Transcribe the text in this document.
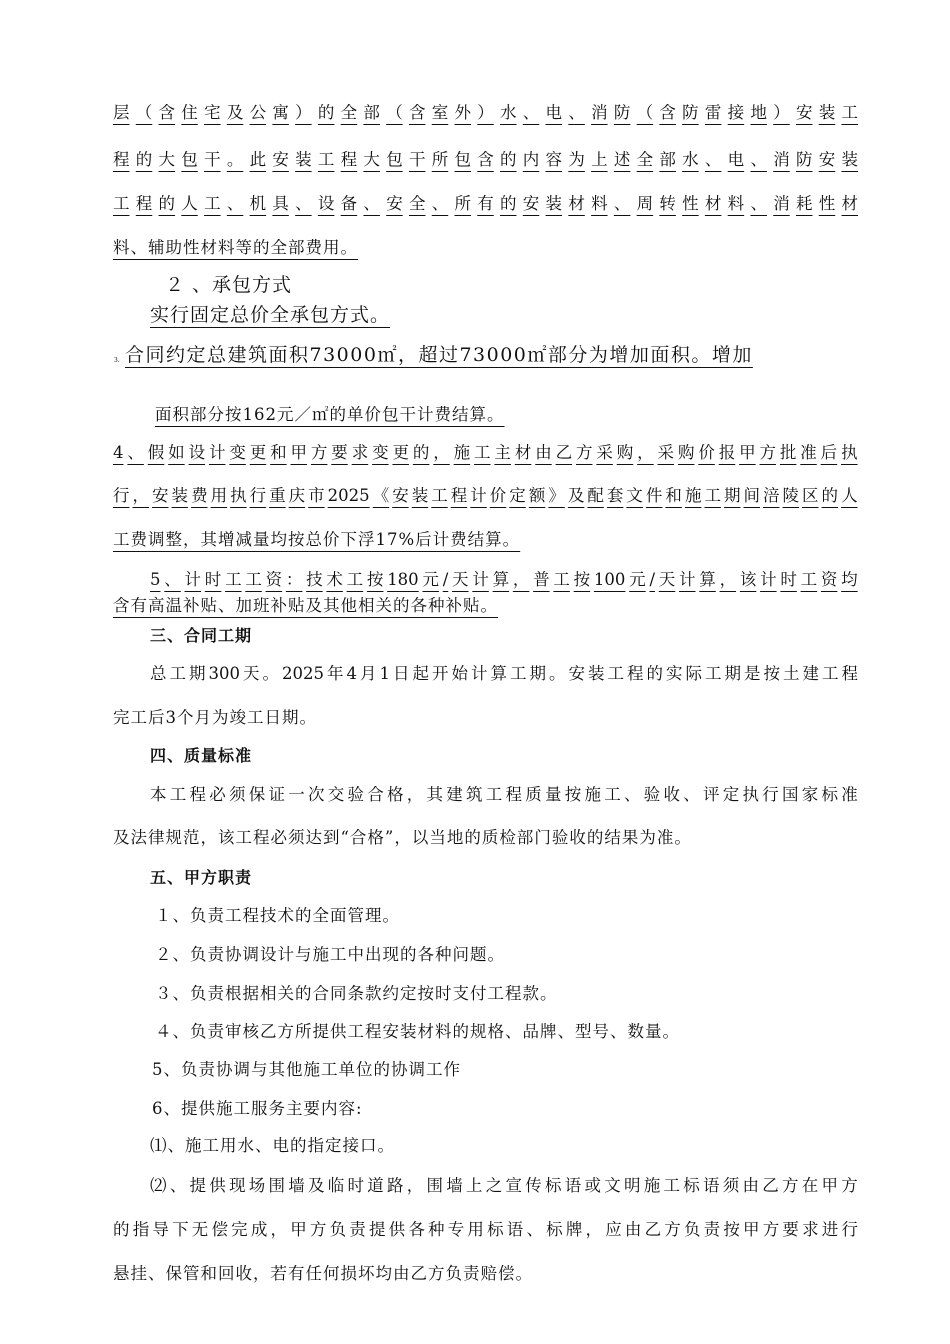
层 （ 含 住 宅 及 公 寓 ） 的 全 部 （ 含 室 外 ） 水 、 电 、 消 防 （ 含 防 雷 接 地 ） 安 装 工
程 的 大 包 干 。 此 安 装 工 程 大 包 干 所 包 含 的 内 容 为 上 述 全 部 水 、 电 、 消 防 安 装
工 程 的 人 工 、 机 具 、 设 备 、 安 全 、 所 有 的 安 装 材 料 、 周 转 性 材 料 、 消 耗 性 材
料、辅助性材料等的全部费用。
２ 、承包方式
实行固定总价全承包方式。
3. 合同约定总建筑面积73000㎡，超过73000㎡部分为增加面积。增加
面积部分按162元／㎡的单价包干计费结算。
4 、 假 如 设 计 变 更 和 甲 方 要 求 变 更 的 ， 施 工 主 材 由 乙 方 采 购 ， 采 购 价 报 甲 方 批 准 后 执
行 ， 安 装 费 用 执 行 重 庆 市 2025 《 安 装 工 程 计 价 定 额 》 及 配 套 文 件 和 施 工 期 间 涪 陵 区 的 人
工费调整，其增减量均按总价下浮17%后计费结算。
5 、 计 时 工 工 资 ： 技 术 工 按 180 元 / 天 计 算 ， 普 工 按 100 元 / 天 计 算 ， 该 计 时 工 资 均
含有高温补贴、加班补贴及其他相关的各种补贴。
三、合同工期
总 工 期 300 天 。 2025 年 4 月 1 日 起 开 始 计 算 工 期 。 安 装 工 程 的 实 际 工 期 是 按 土 建 工 程
完工后3个月为竣工日期。
四、质量标准
本 工 程 必 须 保 证 一 次 交 验 合 格 ， 其 建 筑 工 程 质 量 按 施 工 、 验 收 、 评 定 执 行 国 家 标 准
及法律规范，该工程必须达到“合格”，以当地的质检部门验收的结果为准。
五、甲方职责
１、负责工程技术的全面管理。
２、负责协调设计与施工中出现的各种问题。
３、负责根据相关的合同条款约定按时支付工程款。
４、负责审核乙方所提供工程安装材料的规格、品牌、型号、数量。
5、负责协调与其他施工单位的协调工作
6、提供施工服务主要内容:
⑴、施工用水、电的指定接口。
⑵ 、 提 供 现 场 围 墙 及 临 时 道 路 ， 围 墙 上 之 宣 传 标 语 或 文 明 施 工 标 语 须 由 乙 方 在 甲 方
的 指 导 下 无 偿 完 成 ， 甲 方 负 责 提 供 各 种 专 用 标 语 、 标 牌 ， 应 由 乙 方 负 责 按 甲 方 要 求 进 行
悬挂、保管和回收，若有任何损坏均由乙方负责赔偿。
